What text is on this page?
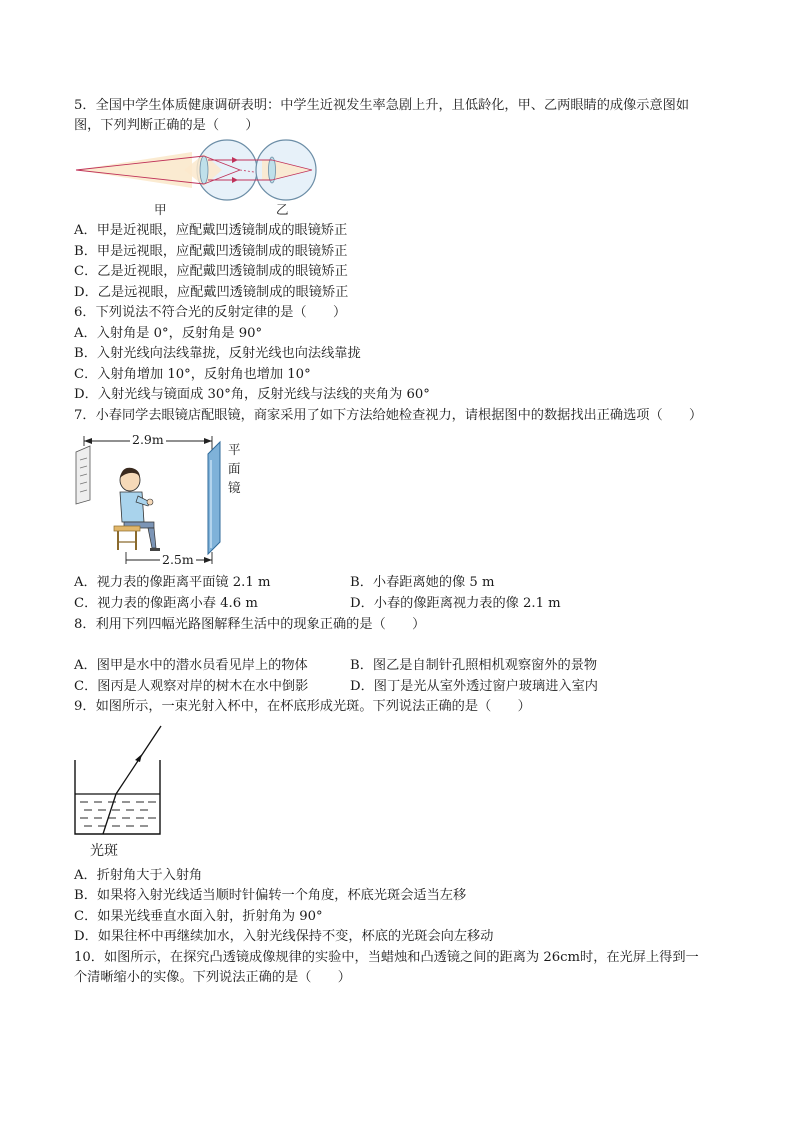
5．全国中学生体质健康调研表明：中学生近视发生率急剧上升，且低龄化，甲、乙两眼睛的成像示意图如
图，下列判断正确的是（　　）
甲	乙
A．甲是近视眼，应配戴凹透镜制成的眼镜矫正
B．甲是远视眼，应配戴凹透镜制成的眼镜矫正
C．乙是近视眼，应配戴凹透镜制成的眼镜矫正
D．乙是远视眼，应配戴凹透镜制成的眼镜矫正
6．下列说法不符合光的反射定律的是（　　）
A．入射角是 0°，反射角是 90°
B．入射光线向法线靠拢，反射光线也向法线靠拢
C．入射角增加 10°，反射角也增加 10°
D．入射光线与镜面成 30°角，反射光线与法线的夹角为 60°
7．小春同学去眼镜店配眼镜，商家采用了如下方法给她检查视力，请根据图中的数据找出正确选项（　　）
2.9m
2.5m
平
面
镜
A．视力表的像距离平面镜 2.1 m	B．小春距离她的像 5 m
C．视力表的像距离小春 4.6 m	D．小春的像距离视力表的像 2.1 m
8．利用下列四幅光路图解释生活中的现象正确的是（　　）
A．图甲是水中的潜水员看见岸上的物体	B．图乙是自制针孔照相机观察窗外的景物
C．图丙是人观察对岸的树木在水中倒影	D．图丁是光从室外透过窗户玻璃进入室内
9．如图所示，一束光射入杯中，在杯底形成光斑。下列说法正确的是（　　）
光斑
A．折射角大于入射角
B．如果将入射光线适当顺时针偏转一个角度，杯底光斑会适当左移
C．如果光线垂直水面入射，折射角为 90°
D．如果往杯中再继续加水，入射光线保持不变，杯底的光斑会向左移动
10．如图所示，在探究凸透镜成像规律的实验中，当蜡烛和凸透镜之间的距离为 26cm时，在光屏上得到一
个清晰缩小的实像。下列说法正确的是（　　）
